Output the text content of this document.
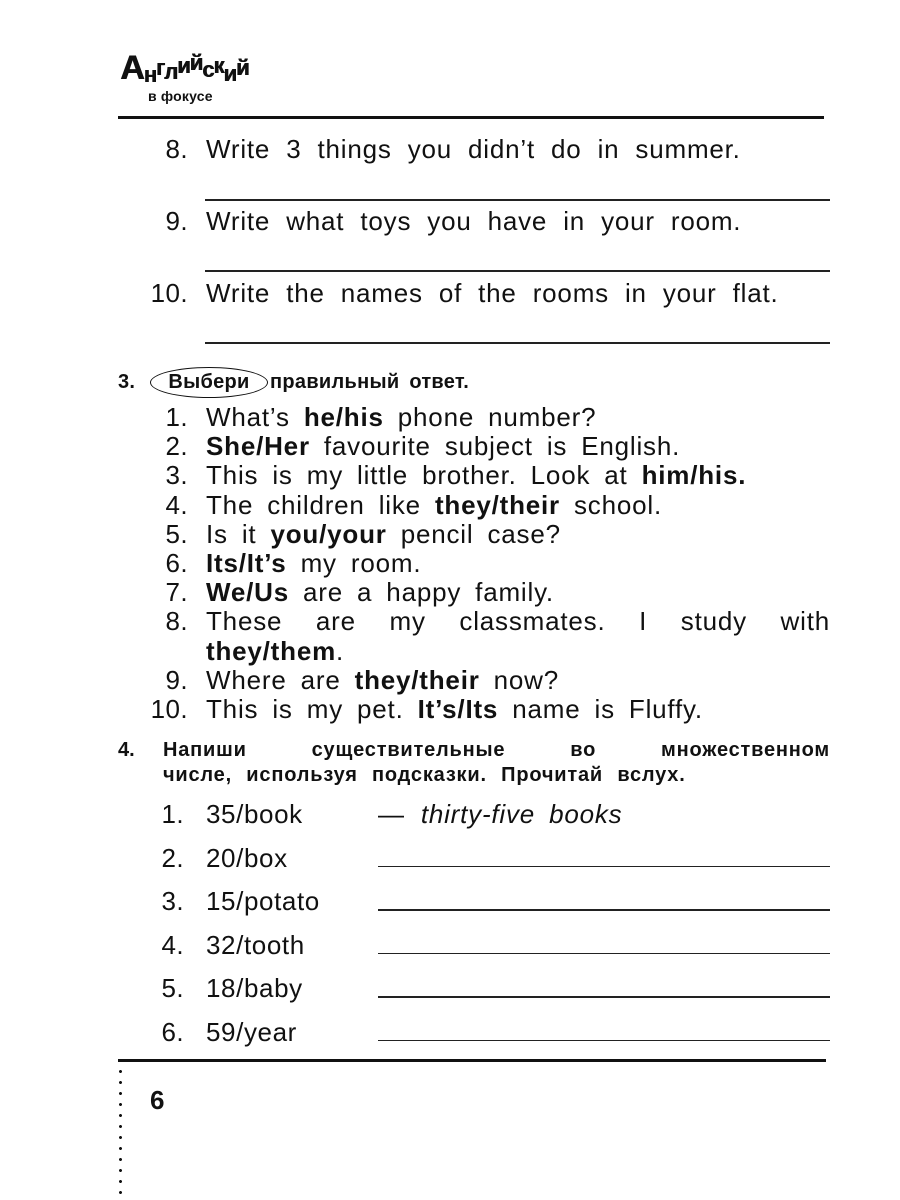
Английский
в фокусе
8. Write 3 things you didn’t do in summer.
9. Write what toys you have in your room.
10. Write the names of the rooms in your flat.
3.	Выбери	правильный ответ.
1. What’s he/his phone number?
2. She/Her favourite subject is English.
3. This is my little brother. Look at him/his.
4. The children like they/their school.
5. Is it you/your pencil case?
6. Its/It’s my room.
7. We/Us are a happy family.
8. These are my classmates. I study with
they/them.
9. Where are they/their now?
10. This is my pet. It’s/Its name is Fluffy.
4. Напиши существительные во множественном
числе, используя подсказки. Прочитай вслух.
1. 35/book	— thirty-five books
2. 20/box
3. 15/potato
4. 32/tooth
5. 18/baby
6. 59/year
6
